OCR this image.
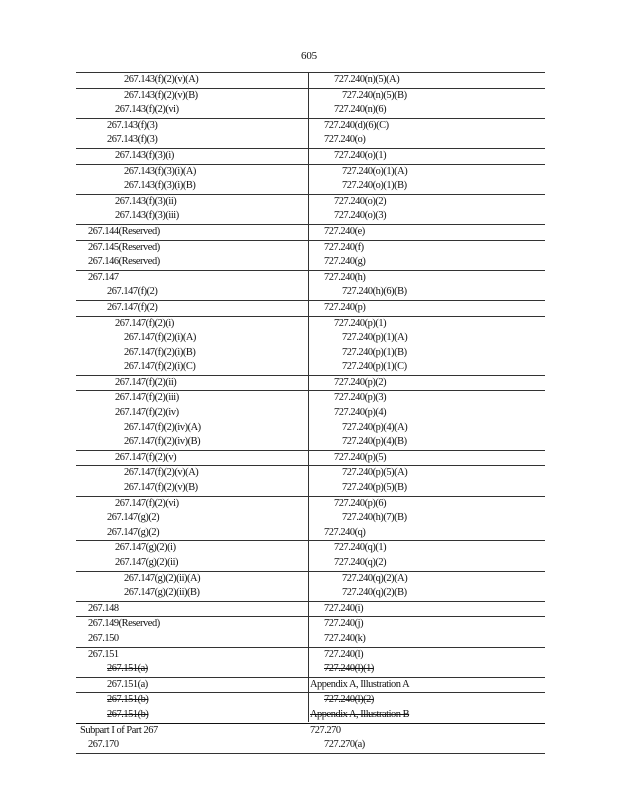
605
267.143(f)(2)(v)(A)	727.240(n)(5)(A)
267.143(f)(2)(v)(B)	727.240(n)(5)(B)
267.143(f)(2)(vi)	727.240(n)(6)
267.143(f)(3)	727.240(d)(6)(C)
267.143(f)(3)	727.240(o)
267.143(f)(3)(i)	727.240(o)(1)
267.143(f)(3)(i)(A)	727.240(o)(1)(A)
267.143(f)(3)(i)(B)	727.240(o)(1)(B)
267.143(f)(3)(ii)	727.240(o)(2)
267.143(f)(3)(iii)	727.240(o)(3)
267.144(Reserved)	727.240(e)
267.145(Reserved)	727.240(f)
267.146(Reserved)	727.240(g)
267.147	727.240(h)
267.147(f)(2)	727.240(h)(6)(B)
267.147(f)(2)	727.240(p)
267.147(f)(2)(i)	727.240(p)(1)
267.147(f)(2)(i)(A)	727.240(p)(1)(A)
267.147(f)(2)(i)(B)	727.240(p)(1)(B)
267.147(f)(2)(i)(C)	727.240(p)(1)(C)
267.147(f)(2)(ii)	727.240(p)(2)
267.147(f)(2)(iii)	727.240(p)(3)
267.147(f)(2)(iv)	727.240(p)(4)
267.147(f)(2)(iv)(A)	727.240(p)(4)(A)
267.147(f)(2)(iv)(B)	727.240(p)(4)(B)
267.147(f)(2)(v)	727.240(p)(5)
267.147(f)(2)(v)(A)	727.240(p)(5)(A)
267.147(f)(2)(v)(B)	727.240(p)(5)(B)
267.147(f)(2)(vi)	727.240(p)(6)
267.147(g)(2)	727.240(h)(7)(B)
267.147(g)(2)	727.240(q)
267.147(g)(2)(i)	727.240(q)(1)
267.147(g)(2)(ii)	727.240(q)(2)
267.147(g)(2)(ii)(A)	727.240(q)(2)(A)
267.147(g)(2)(ii)(B)	727.240(q)(2)(B)
267.148	727.240(i)
267.149(Reserved)	727.240(j)
267.150	727.240(k)
267.151	727.240(l)
267.151(a)	727.240(l)(1)
267.151(a)	Appendix A, Illustration A
267.151(b)	727.240(l)(2)
267.151(b)	Appendix A, Illustration B
Subpart I of Part 267	727.270
267.170	727.270(a)
